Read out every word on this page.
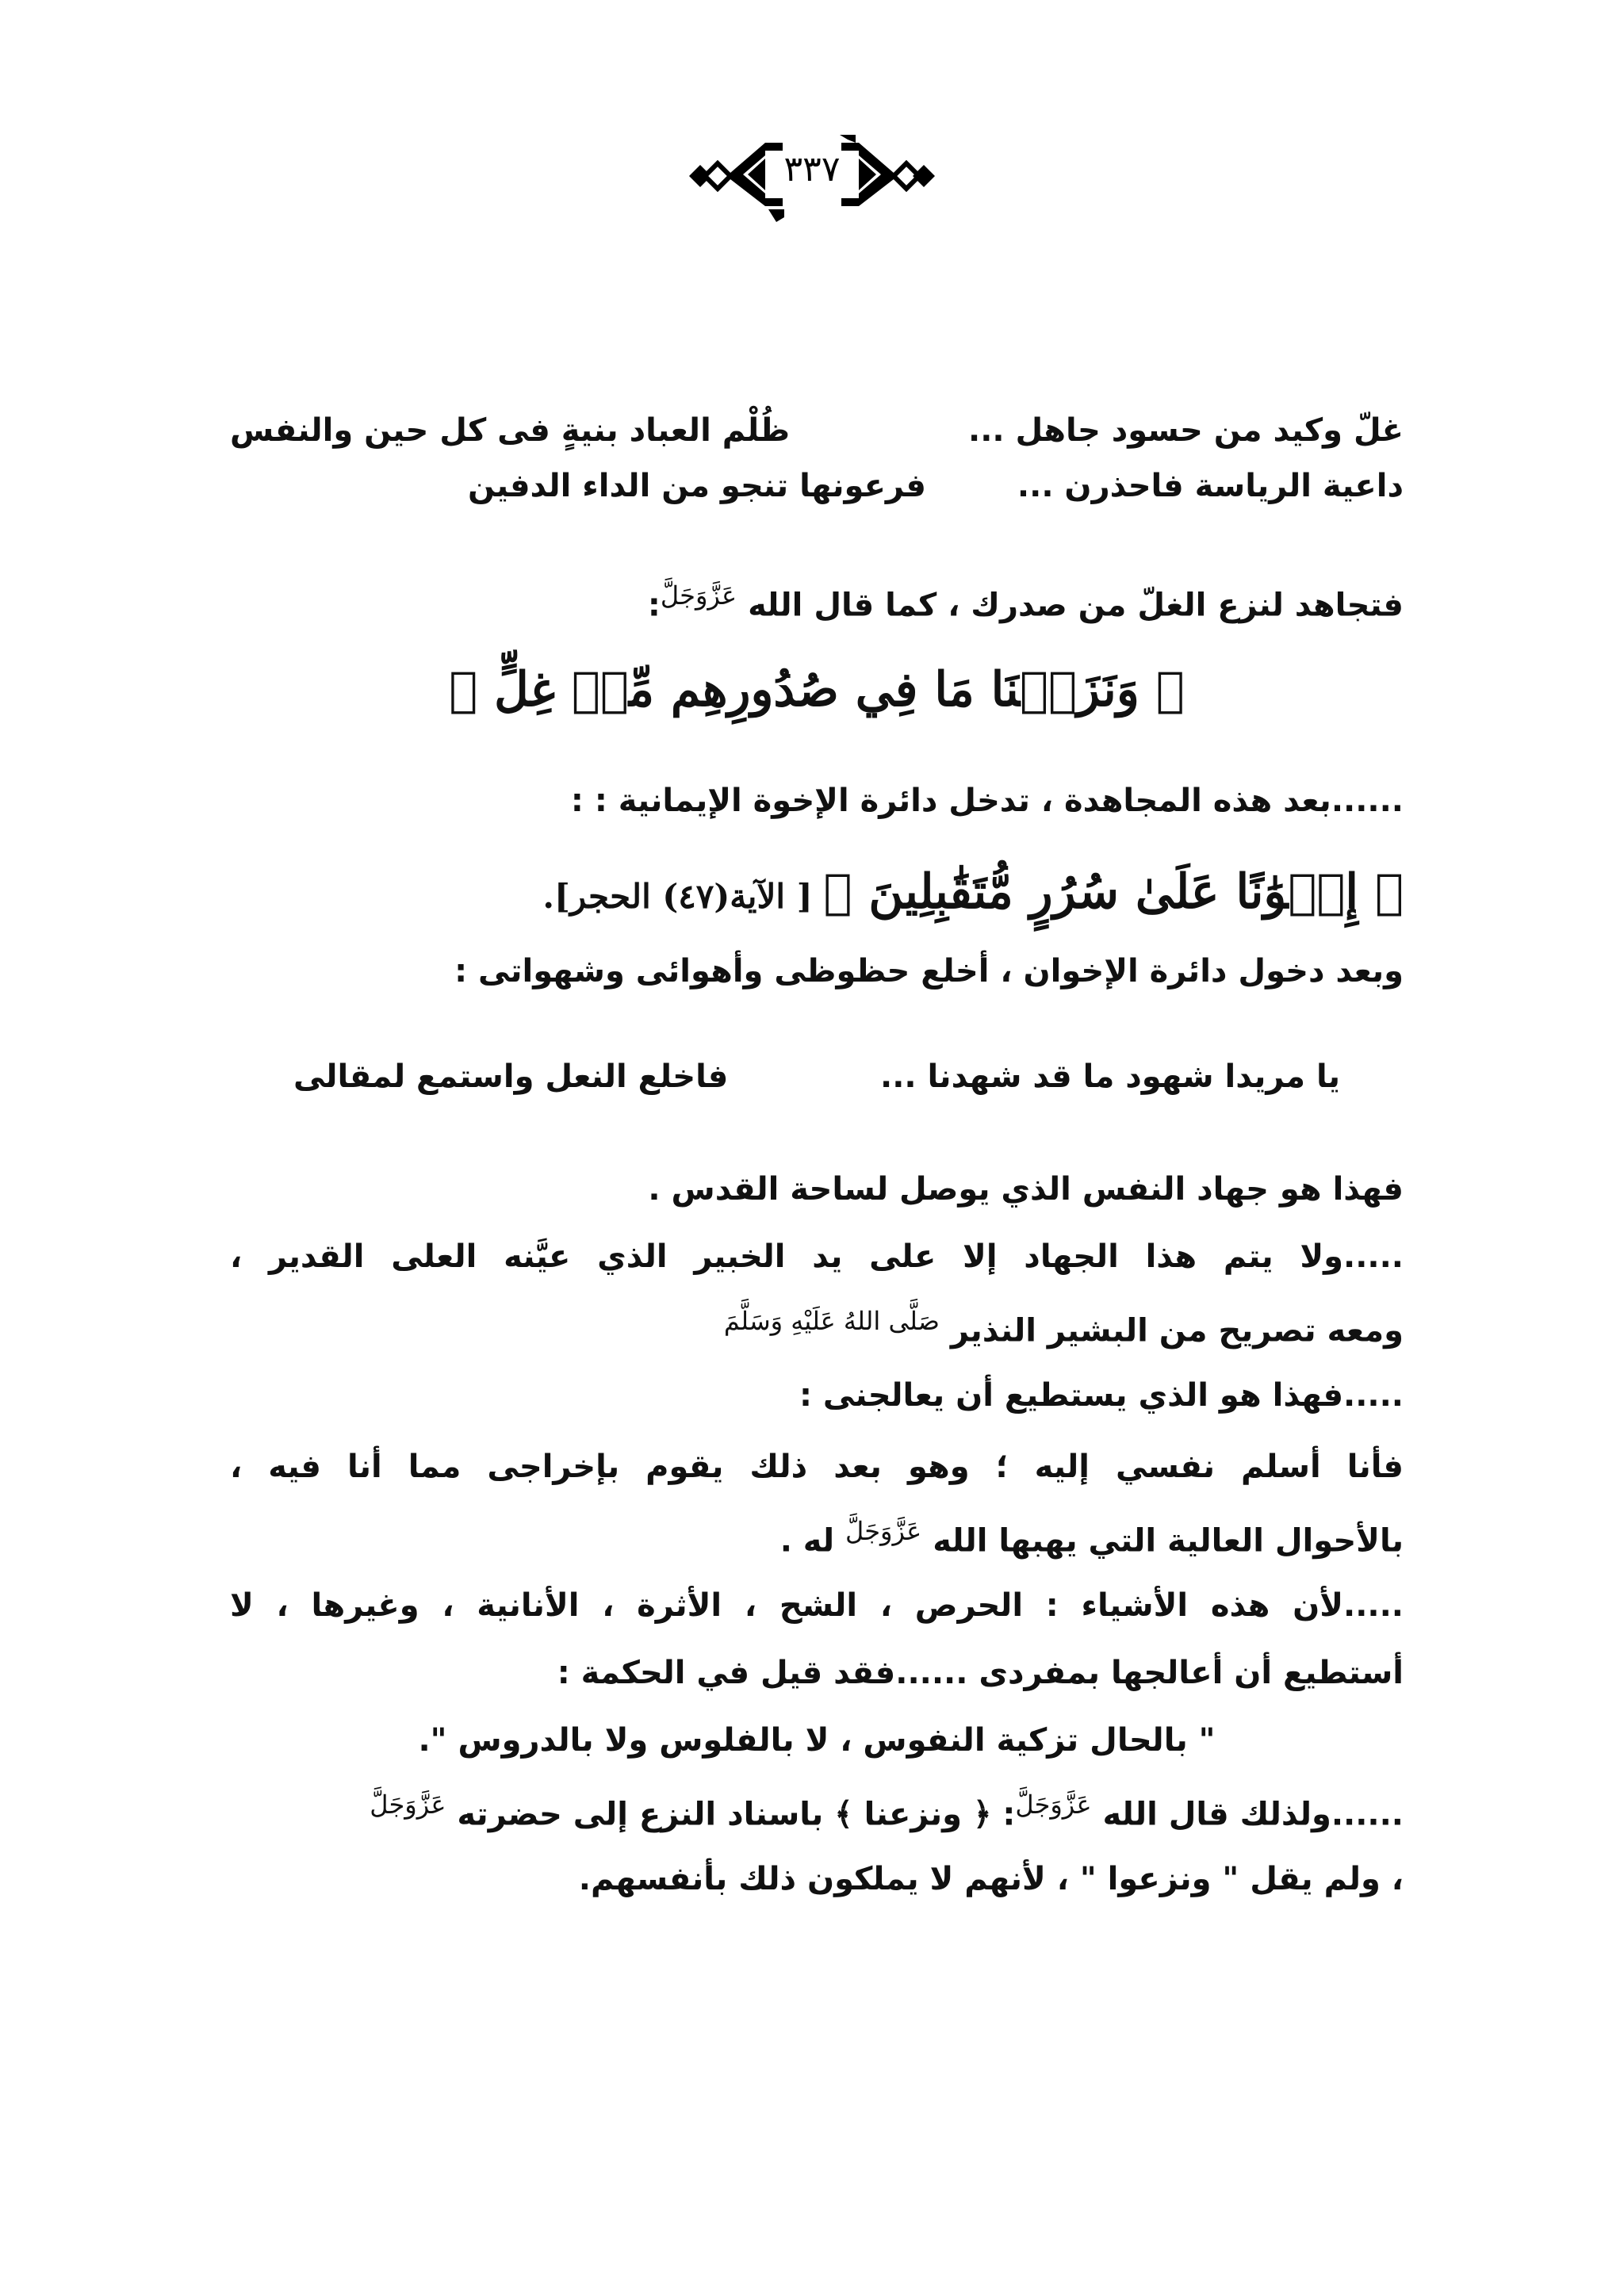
٣٣٧
غلّ وكيد من حسود جاهل ...
ظُلْم العباد بنيةٍ فى كل حين والنفس
داعية الرياسة فاحذرن ...
فرعونها تنجو من الداء الدفين
فتجاهد لنزع الغلّ من صدرك ، كما قال الله $^{عَزَّوَجَلَّ}$:
﴿ وَنَزَعۡنَا مَا فِي صُدُورِهِم مِّنۡ غِلٍّ ﴾
......بعد هذه المجاهدة ، تدخل دائرة الإخوة الإيمانية : :
﴿ إِخۡوَٰنًا عَلَىٰ سُرُرٍ مُّتَقَٰبِلِينَ ﴾ [ الآية(٤٧) الحجر].
وبعد دخول دائرة الإخوان ، أخلع حظوظى وأهوائى وشهواتى :
يا مريدا شهود ما قد شهدنا ...
فاخلع النعل واستمع لمقالى
فهذا هو جهاد النفس الذي يوصل لساحة القدس .
.....ولا يتم هذا الجهاد إلا على يد الخبير الذي عيَّنه العلى القدير ،
ومعه تصريح من البشير النذير $^{صَلَّى اللهُ عَلَيْهِ وَسَلَّمَ}$
.....فهذا هو الذي يستطيع أن يعالجنى :
فأنا أسلم نفسي إليه ؛ وهو بعد ذلك يقوم بإخراجى مما أنا فيه ،
بالأحوال العالية التي يهبها الله $^{عَزَّوَجَلَّ}$ له .
.....لأن هذه الأشياء : الحرص ، الشح ، الأثرة ، الأنانية ، وغيرها ، لا
أستطيع أن أعالجها بمفردى ......فقد قيل في الحكمة :
" بالحال تزكية النفوس ، لا بالفلوس ولا بالدروس ".
......ولذلك قال الله $^{عَزَّوَجَلَّ}$: ﴿ ونزعنا ﴾ باسناد النزع إلى حضرته $^{عَزَّوَجَلَّ}$
، ولم يقل " ونزعوا " ، لأنهم لا يملكون ذلك بأنفسهم.
